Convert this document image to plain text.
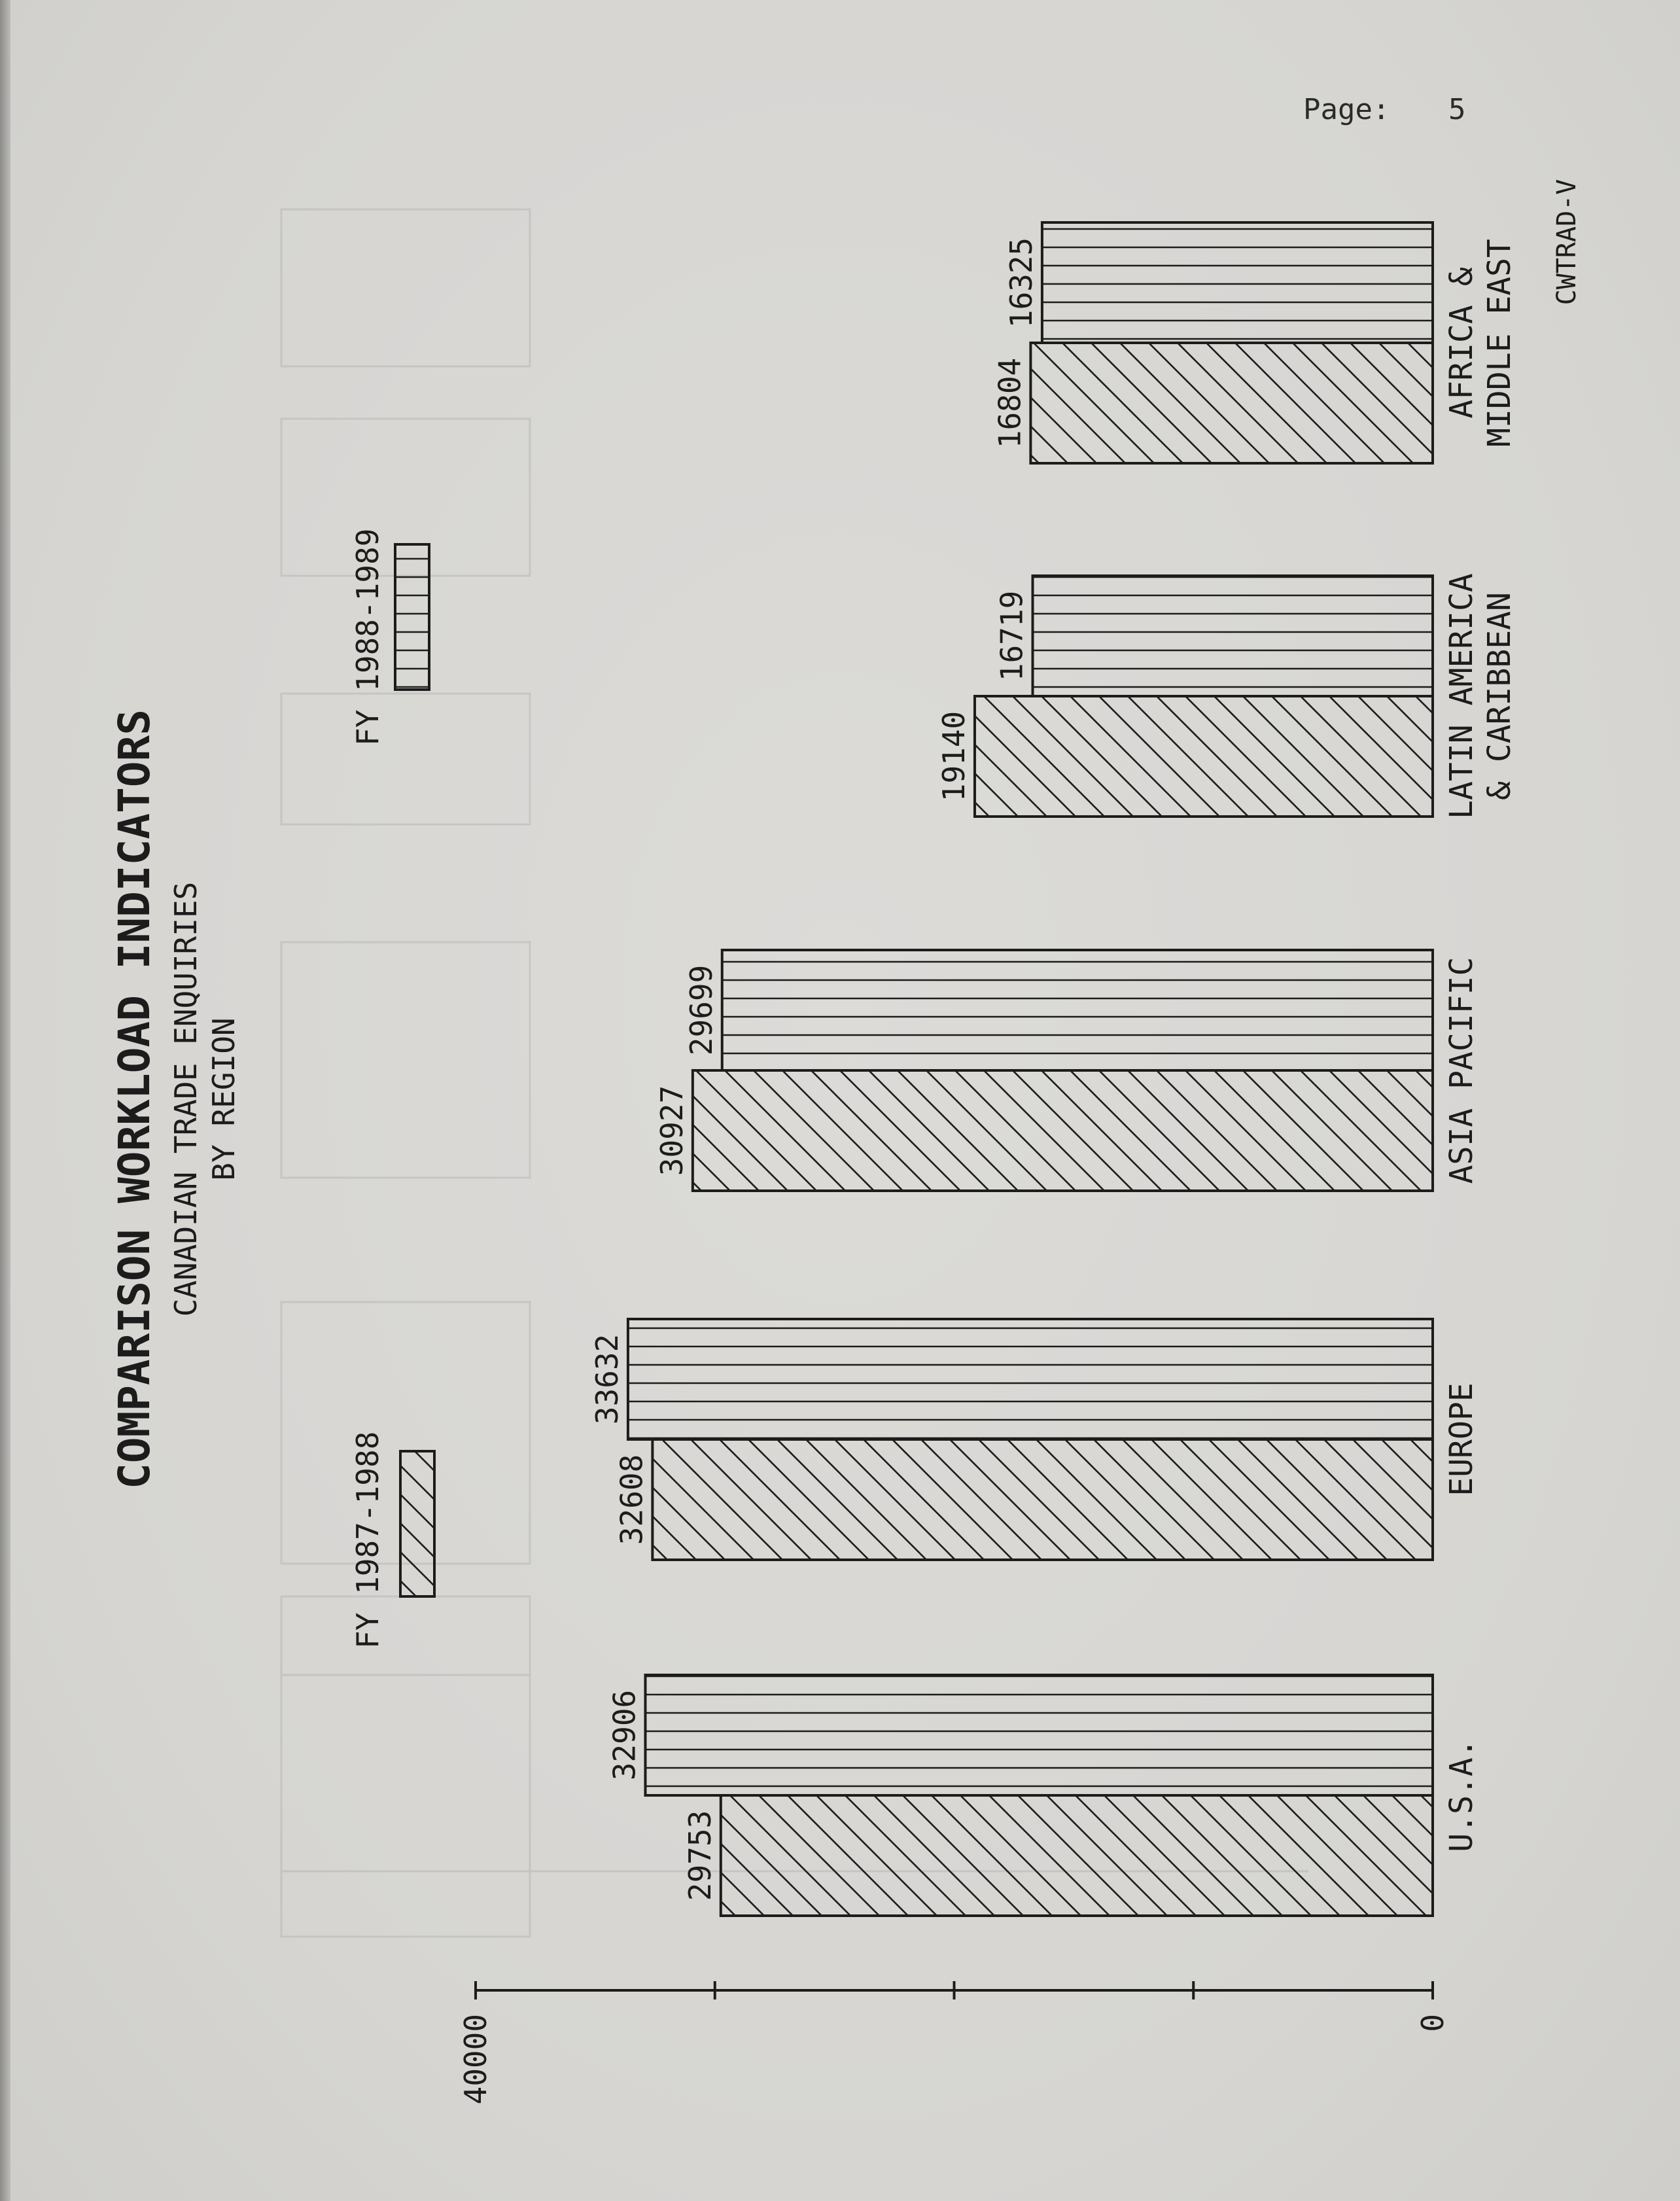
COMPARISON WORKLOAD INDICATORS CANADIAN TRADE ENQUIRIES BY REGION
FY 1987-1988
FY 1988-1989
0
40000
29753
32906
32608
33632
30927
29699
19140
16719
16804
16325
U.S.A.
EUROPE
ASIA PACIFIC
LATIN AMERICA & CARIBBEAN
AFRICA & MIDDLE EAST
Page: 5
CWTRAD-V
